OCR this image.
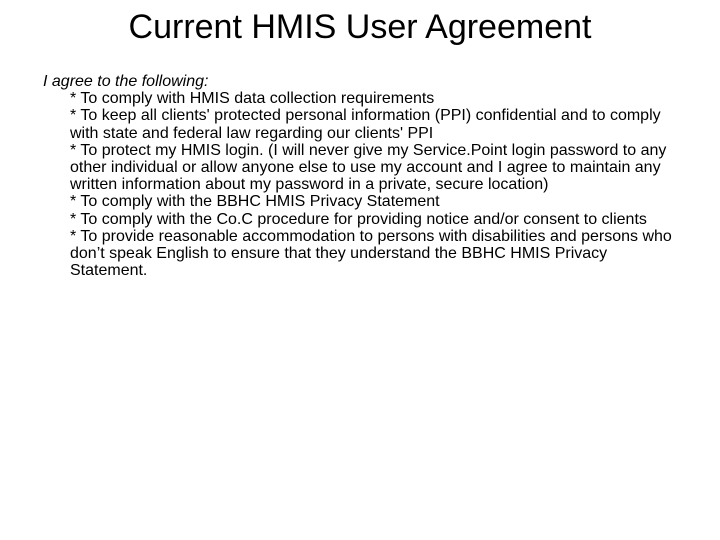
Current HMIS User Agreement
I agree to the following:
* To comply with HMIS data collection requirements
* To keep all clients' protected personal information (PPI) confidential and to comply with state and federal law regarding our clients' PPI
* To protect my HMIS login. (I will never give my Service.Point login password to any other individual or allow anyone else to use my account and I agree to maintain any written information about my password in a private, secure location)
* To comply with the BBHC HMIS Privacy Statement
* To comply with the Co.C procedure for providing notice and/or consent to clients
* To provide reasonable accommodation to persons with disabilities and persons who don’t speak English to ensure that they understand the BBHC HMIS Privacy Statement.
